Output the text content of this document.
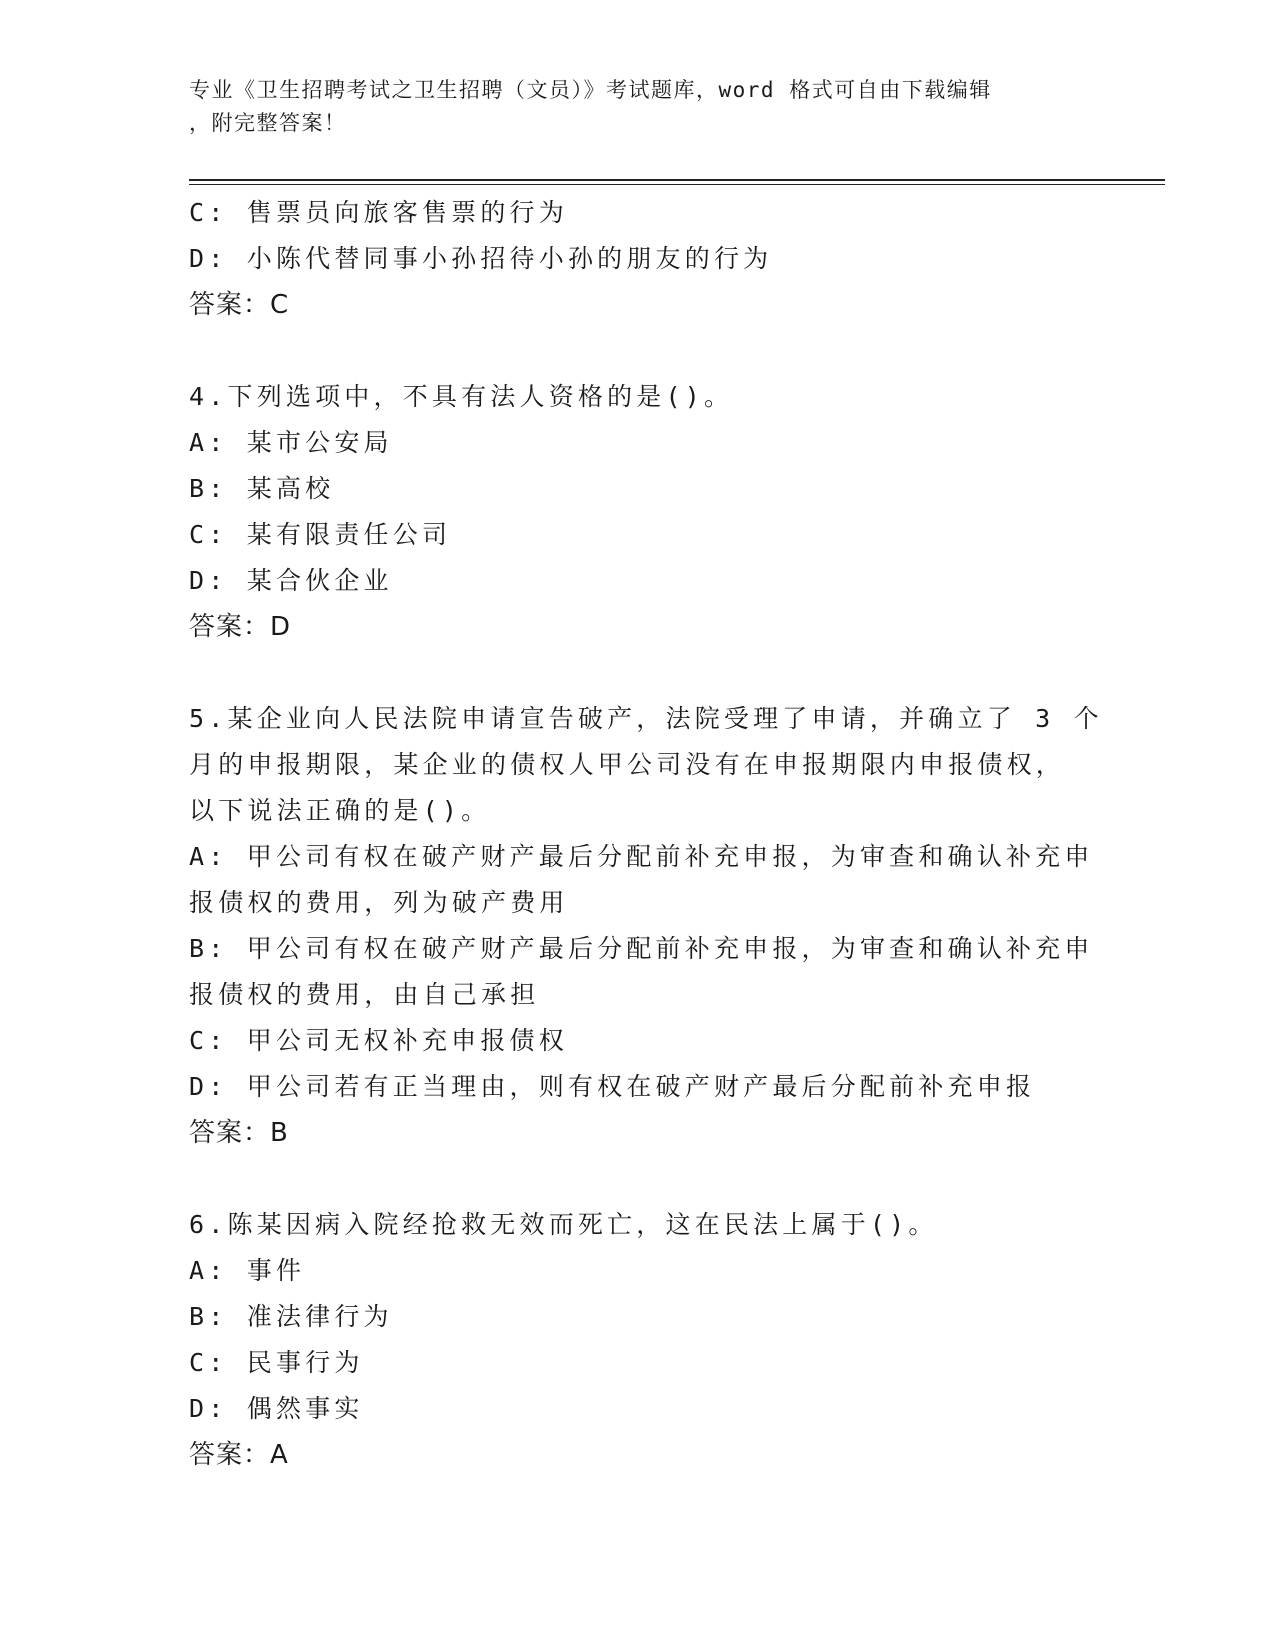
专业《卫生招聘考试之卫生招聘（文员）》考试题库，word 格式可自由下载编辑
，附完整答案！
C: 售票员向旅客售票的行为
D: 小陈代替同事小孙招待小孙的朋友的行为
答案：C
4.下列选项中，不具有法人资格的是()。
A: 某市公安局
B: 某高校
C: 某有限责任公司
D: 某合伙企业
答案：D
5.某企业向人民法院申请宣告破产，法院受理了申请，并确立了 3 个
月的申报期限，某企业的债权人甲公司没有在申报期限内申报债权，
以下说法正确的是()。
A: 甲公司有权在破产财产最后分配前补充申报，为审查和确认补充申
报债权的费用，列为破产费用
B: 甲公司有权在破产财产最后分配前补充申报，为审查和确认补充申
报债权的费用，由自己承担
C: 甲公司无权补充申报债权
D: 甲公司若有正当理由，则有权在破产财产最后分配前补充申报
答案：B
6.陈某因病入院经抢救无效而死亡，这在民法上属于()。
A: 事件
B: 准法律行为
C: 民事行为
D: 偶然事实
答案：A
